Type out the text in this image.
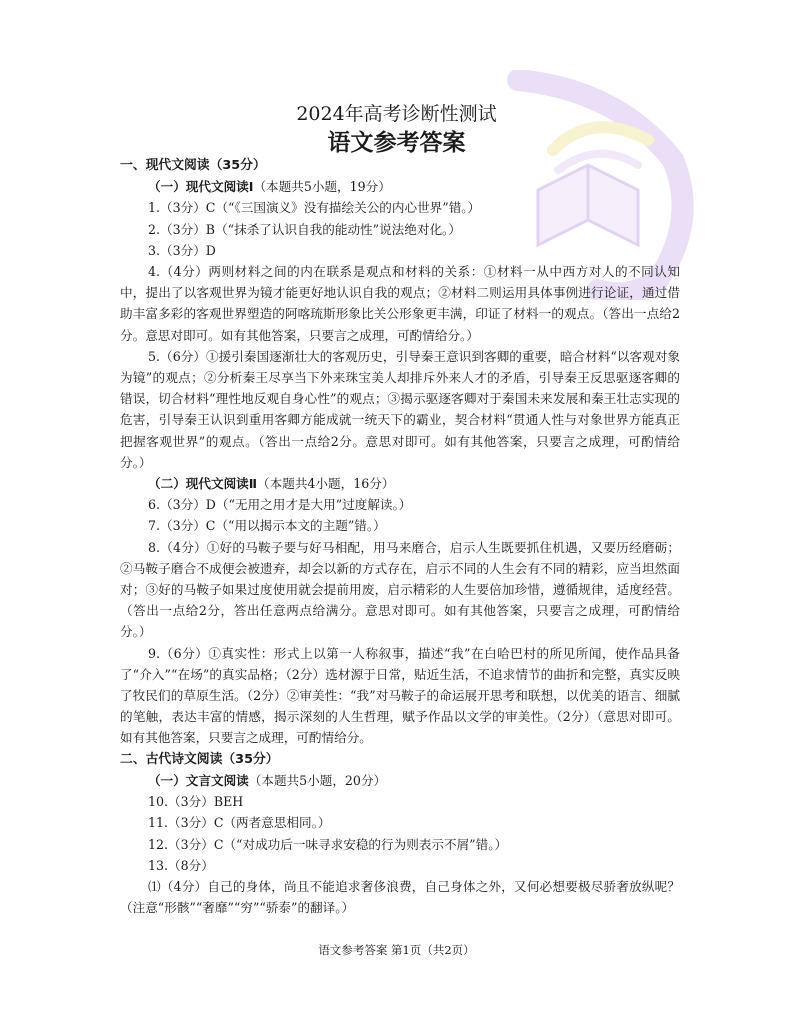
2024年高考诊断性测试
语文参考答案
一、现代文阅读（35分）
（一）现代文阅读Ⅰ（本题共5小题，19分）
1.（3分）C（“《三国演义》没有描绘关公的内心世界”错。）
2.（3分）B（“抹杀了认识自我的能动性”说法绝对化。）
3.（3分）D
4.（4分）两则材料之间的内在联系是观点和材料的关系：①材料一从中西方对人的不同认知中，提出了以客观世界为镜才能更好地认识自我的观点；②材料二则运用具体事例进行论证，通过借助丰富多彩的客观世界塑造的阿喀琉斯形象比关公形象更丰满，印证了材料一的观点。（答出一点给2分。意思对即可。如有其他答案，只要言之成理，可酌情给分。）
5.（6分）①援引秦国逐渐壮大的客观历史，引导秦王意识到客卿的重要，暗合材料“以客观对象为镜”的观点；②分析秦王尽享当下外来珠宝美人却排斥外来人才的矛盾，引导秦王反思驱逐客卿的错误，切合材料“理性地反观自身心性”的观点；③揭示驱逐客卿对于秦国未来发展和秦王壮志实现的危害，引导秦王认识到重用客卿方能成就一统天下的霸业，契合材料“贯通人性与对象世界方能真正把握客观世界”的观点。（答出一点给2分。意思对即可。如有其他答案，只要言之成理，可酌情给分。）
（二）现代文阅读Ⅱ（本题共4小题，16分）
6.（3分）D（“无用之用才是大用”过度解读。）
7.（3分）C（“用以揭示本文的主题”错。）
8.（4分）①好的马鞍子要与好马相配，用马来磨合，启示人生既要抓住机遇，又要历经磨砺；②马鞍子磨合不成便会被遗弃，却会以新的方式存在，启示不同的人生会有不同的精彩，应当坦然面对；③好的马鞍子如果过度使用就会提前用废，启示精彩的人生要倍加珍惜，遵循规律，适度经营。（答出一点给2分，答出任意两点给满分。意思对即可。如有其他答案，只要言之成理，可酌情给分。）
9.（6分）①真实性：形式上以第一人称叙事，描述“我”在白哈巴村的所见所闻，使作品具备了“介入”“在场”的真实品格；（2分）选材源于日常，贴近生活，不追求情节的曲折和完整，真实反映了牧民们的草原生活。（2分）②审美性：“我”对马鞍子的命运展开思考和联想，以优美的语言、细腻的笔触，表达丰富的情感，揭示深刻的人生哲理，赋予作品以文学的审美性。（2分）（意思对即可。如有其他答案，只要言之成理，可酌情给分。
二、古代诗文阅读（35分）
（一）文言文阅读（本题共5小题，20分）
10.（3分）BEH
11.（3分）C（两者意思相同。）
12.（3分）C（“对成功后一味寻求安稳的行为则表示不屑”错。）
13.（8分）
⑴（4分）自己的身体，尚且不能追求奢侈浪费，自己身体之外，又何必想要极尽骄奢放纵呢？（注意“形骸”“奢靡”“穷”“骄泰”的翻译。）
语文参考答案 第1页（共2页）
